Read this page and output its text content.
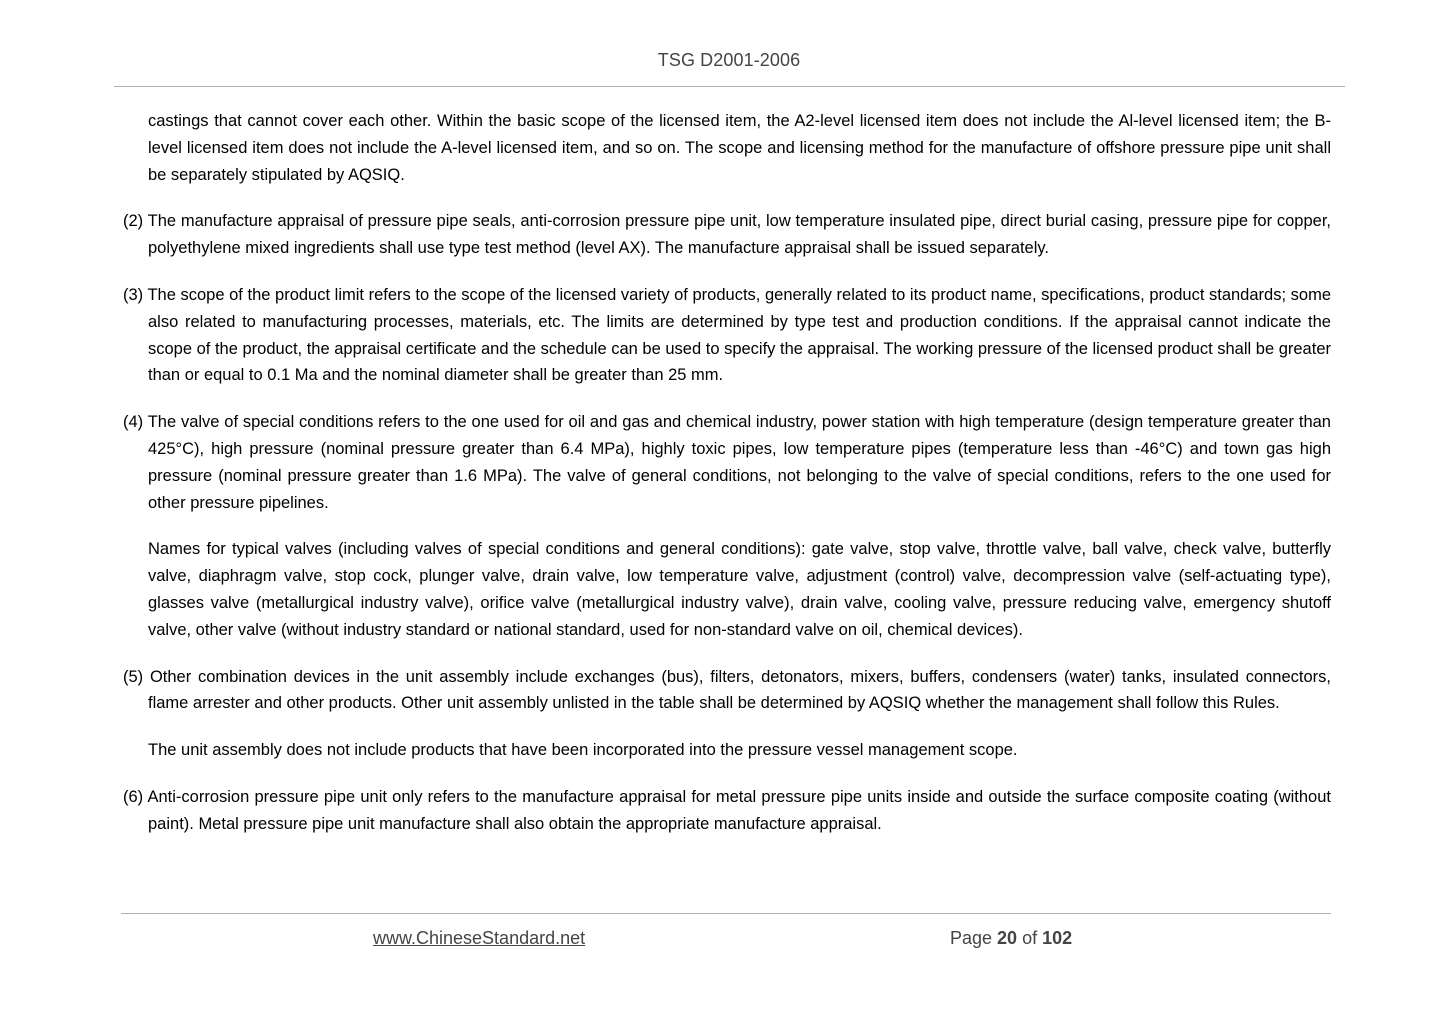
TSG D2001-2006

castings that cannot cover each other. Within the basic scope of the licensed item, the A2-level licensed item does not include the Al-level licensed item; the B-level licensed item does not include the A-level licensed item, and so on. The scope and licensing method for the manufacture of offshore pressure pipe unit shall be separately stipulated by AQSIQ.

(2) The manufacture appraisal of pressure pipe seals, anti-corrosion pressure pipe unit, low temperature insulated pipe, direct burial casing, pressure pipe for copper, polyethylene mixed ingredients shall use type test method (level AX). The manufacture appraisal shall be issued separately.

(3) The scope of the product limit refers to the scope of the licensed variety of products, generally related to its product name, specifications, product standards; some also related to manufacturing processes, materials, etc. The limits are determined by type test and production conditions. If the appraisal cannot indicate the scope of the product, the appraisal certificate and the schedule can be used to specify the appraisal. The working pressure of the licensed product shall be greater than or equal to 0.1 Ma and the nominal diameter shall be greater than 25 mm.

(4) The valve of special conditions refers to the one used for oil and gas and chemical industry, power station with high temperature (design temperature greater than 425°C), high pressure (nominal pressure greater than 6.4 MPa), highly toxic pipes, low temperature pipes (temperature less than -46°C) and town gas high pressure (nominal pressure greater than 1.6 MPa). The valve of general conditions, not belonging to the valve of special conditions, refers to the one used for other pressure pipelines.

Names for typical valves (including valves of special conditions and general conditions): gate valve, stop valve, throttle valve, ball valve, check valve, butterfly valve, diaphragm valve, stop cock, plunger valve, drain valve, low temperature valve, adjustment (control) valve, decompression valve (self-actuating type), glasses valve (metallurgical industry valve), orifice valve (metallurgical industry valve), drain valve, cooling valve, pressure reducing valve, emergency shutoff valve, other valve (without industry standard or national standard, used for non-standard valve on oil, chemical devices).

(5) Other combination devices in the unit assembly include exchanges (bus), filters, detonators, mixers, buffers, condensers (water) tanks, insulated connectors, flame arrester and other products. Other unit assembly unlisted in the table shall be determined by AQSIQ whether the management shall follow this Rules.

The unit assembly does not include products that have been incorporated into the pressure vessel management scope.

(6) Anti-corrosion pressure pipe unit only refers to the manufacture appraisal for metal pressure pipe units inside and outside the surface composite coating (without paint). Metal pressure pipe unit manufacture shall also obtain the appropriate manufacture appraisal.

www.ChineseStandard.net	Page 20 of 102
